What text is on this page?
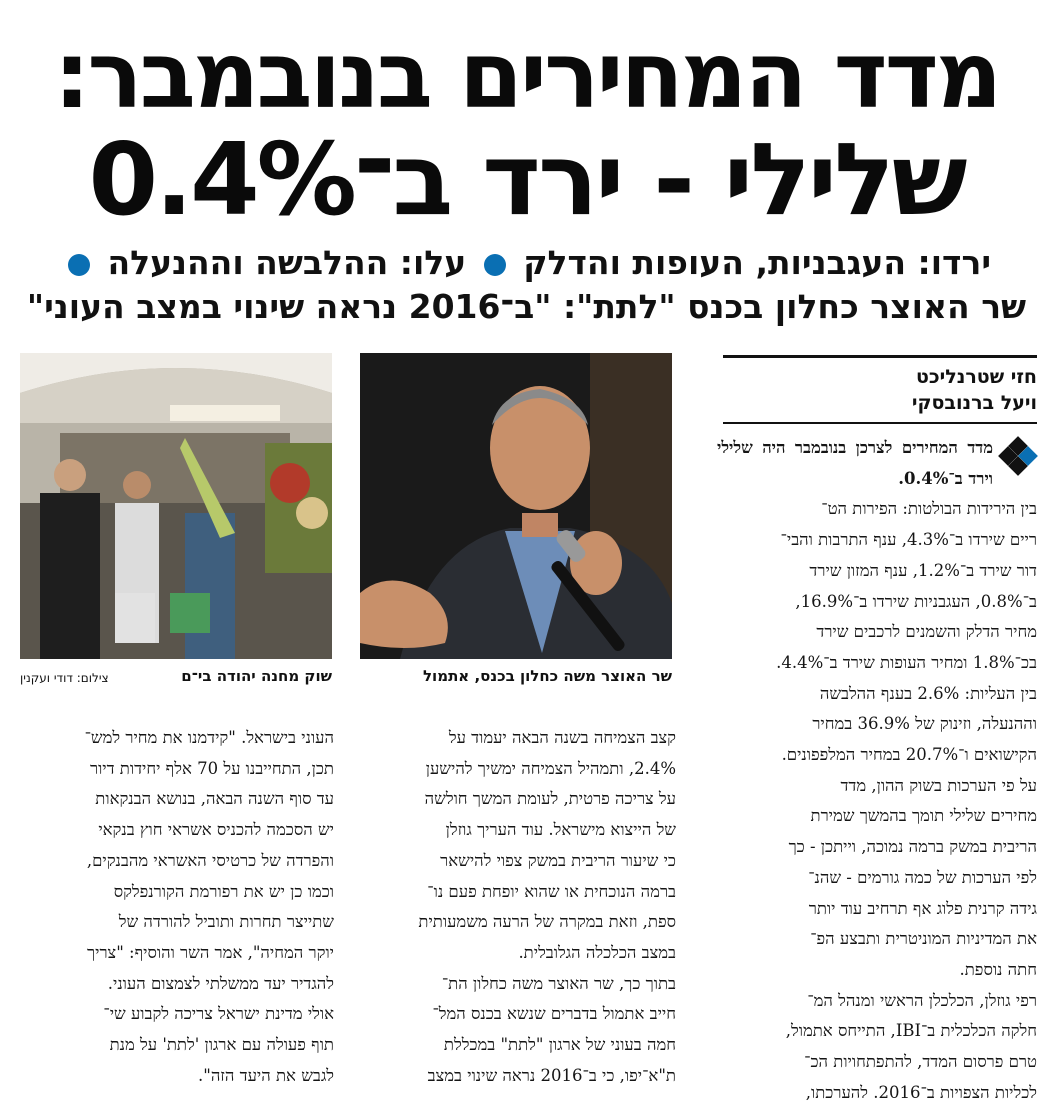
מדד המחירים בנובמבר:
שלילי - ירד ב־0.4%
ירדו: העגבניות, העופות והדלק  עלו: ההלבשה וההנעלה
שר האוצר כחלון בכנס "לתת": "ב־2016 נראה שינוי במצב העוני"
חזי שטרנליכט
ויעל ברנובסקי
שר האוצר משה כחלון בכנס, אתמול
שוק מחנה יהודה בי־ם
צילום: דודי ועקנין

מדד המחירים לצרכן בנובמבר היה שלילי וירד ב־0.4%.

בין הירידות הבולטות: הפירות הט־
ריים שירדו ב־4.3%, ענף התרבות והבי־
דור שירד ב־1.2%, ענף המזון שירד
ב־0.8%, העגבניות שירדו ב־16.9%,
מחיר הדלק והשמנים לרכבים שירד
בכ־1.8% ומחיר העופות שירד ב־4.4%.
בין העליות: 2.6% בענף ההלבשה
וההנעלה, וזינוק של 36.9% במחיר
הקישואים ו־20.7% במחיר המלפפונים.
על פי הערכות בשוק ההון, מדד
מחירים שלילי תומך בהמשך שמירת
הריבית במשק ברמה נמוכה, וייתכן - כך
לפי הערכות של כמה גורמים - שהנ־
גידה קרנית פלוג אף תרחיב עוד יותר
את המדיניות המוניטרית ותבצע הפ־
חתה נוספת.
רפי גוזלן, הכלכלן הראשי ומנהל המ־
חלקה הכלכלית ב־IBI, התייחס אתמול,
טרם פרסום המדד, להתפתחויות הכ־
לכליות הצפויות ב־2016. להערכתו,

קצב הצמיחה בשנה הבאה יעמוד על
2.4%, ותמהיל הצמיחה ימשיך להישען
על צריכה פרטית, לעומת המשך חולשה
של הייצוא מישראל. עוד העריך גוזלן
כי שיעור הריבית במשק צפוי להישאר
ברמה הנוכחית או שהוא יופחת פעם נו־
ספת, וזאת במקרה של הרעה משמעותית
במצב הכלכלה הגלובלית.
בתוך כך, שר האוצר משה כחלון הת־
חייב אתמול בדברים שנשא בכנס המל־
חמה בעוני של ארגון "לתת" במכללת
ת"א־יפו, כי ב־2016 נראה שינוי במצב

העוני בישראל. "קידמנו את מחיר למש־
תכן, התחייבנו על 70 אלף יחידות דיור
עד סוף השנה הבאה, בנושא הבנקאות
יש הסכמה להכניס אשראי חוץ בנקאי
והפרדה של כרטיסי האשראי מהבנקים,
וכמו כן יש את רפורמת הקורנפלקס
שתייצר תחרות ותוביל להורדה של
יוקר המחיה", אמר השר והוסיף: "צריך
להגדיר יעד ממשלתי לצמצום העוני.
אולי מדינת ישראל צריכה לקבוע שי־
תוף פעולה עם ארגון 'לתת' על מנת
לגבש את היעד הזה".
